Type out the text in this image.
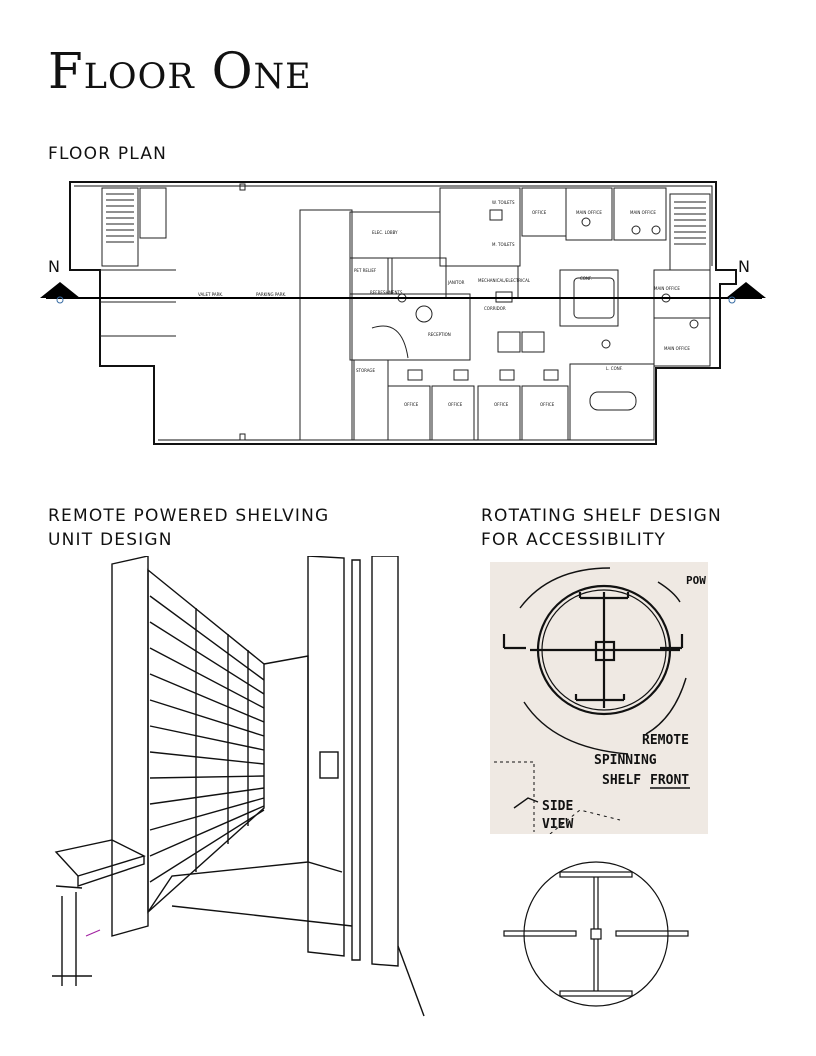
Floor One
FLOOR PLAN
VALET PARK.	PARKING PARK.
ELEC. LOBBY
PET RELIEF
REFRESHMENTS
RECEPTION
OFFICE	MAIN OFFICE	MAIN OFFICE
CONF.
MAIN OFFICE
MAIN OFFICE
L. CONF.
W. TOILETS
M. TOILETS
MECHANICAL/ELECTRICAL
JANITOR
STORAGE
OFFICE	OFFICE	OFFICE	OFFICE
CORRIDOR
N	N
REMOTE POWERED SHELVING
UNIT DESIGN
ROTATING SHELF DESIGN
FOR ACCESSIBILITY
REMOTE
SPINNING
SHELF FRONT
SIDE
VIEW
POW
